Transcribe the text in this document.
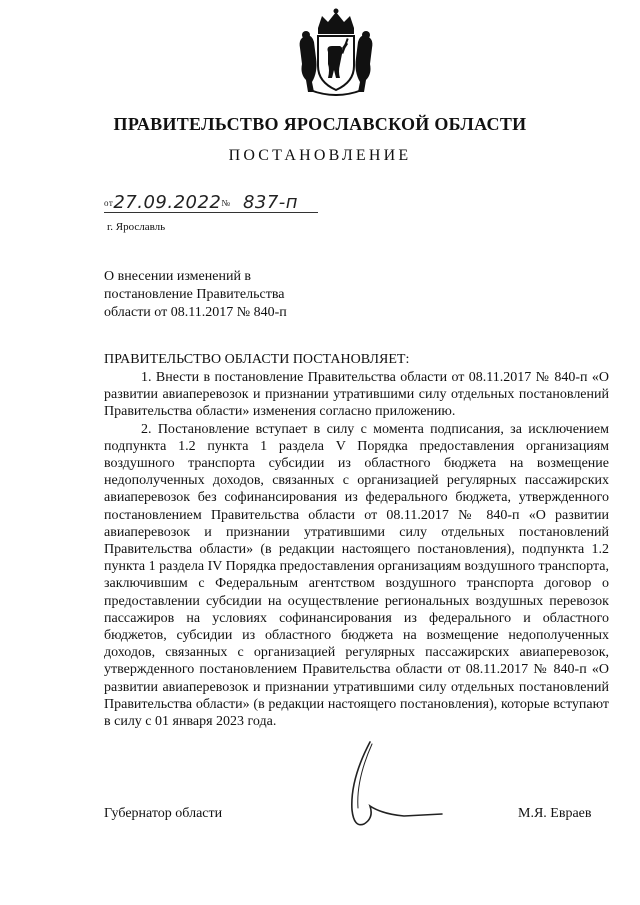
ПРАВИТЕЛЬСТВО ЯРОСЛАВСКОЙ ОБЛАСТИ
ПОСТАНОВЛЕНИЕ
от27.09.2022№ 837-п
г. Ярославль
О внесении изменений в
постановление Правительства
области от 08.11.2017 № 840-п
ПРАВИТЕЛЬСТВО ОБЛАСТИ ПОСТАНОВЛЯЕТ:

1. Внести в постановление Правительства области от 08.11.2017 № 840-п «О развитии авиаперевозок и признании утратившими силу отдельных постановлений Правительства области» изменения согласно приложению.

2. Постановление вступает в силу с момента подписания, за исключением подпункта 1.2 пункта 1 раздела V Порядка предоставления организациям воздушного транспорта субсидии из областного бюджета на возмещение недополученных доходов, связанных с организацией регулярных пассажирских авиаперевозок без софинансирования из федерального бюджета, утвержденного постановлением Правительства области от 08.11.2017 № 840-п «О развитии авиаперевозок и признании утратившими силу отдельных постановлений Правительства области» (в редакции настоящего постановления), подпункта 1.2 пункта 1 раздела IV Порядка предоставления организациям воздушного транспорта, заключившим с Федеральным агентством воздушного транспорта договор о предоставлении субсидии на осуществление региональных воздушных перевозок пассажиров на условиях софинансирования из федерального и областного бюджетов, субсидии из областного бюджета на возмещение недополученных доходов, связанных с организацией регулярных пассажирских авиаперевозок, утвержденного постановлением Правительства области от 08.11.2017 № 840-п «О развитии авиаперевозок и признании утратившими силу отдельных постановлений Правительства области» (в редакции настоящего постановления), которые вступают в силу с 01 января 2023 года.

Губернатор области	М.Я. Евраев
